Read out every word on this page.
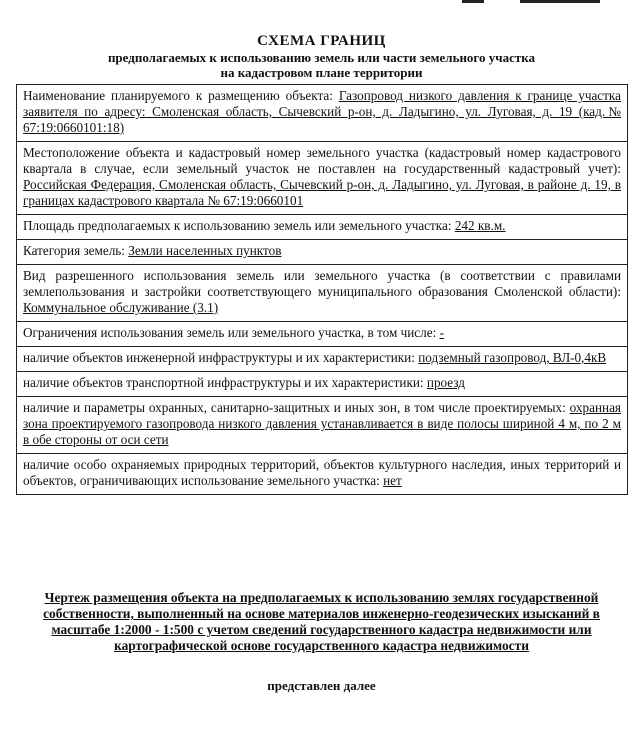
СХЕМА ГРАНИЦ
предполагаемых к использованию земель или части земельного участка
на кадастровом плане территории
Наименование планируемого к размещению объекта: Газопровод низкого давления к границе участка заявителя по адресу: Смоленская область, Сычевский р-он, д. Ладыгино, ул. Луговая, д. 19 (кад.№ 67:19:0660101:18)
Местоположение объекта и кадастровый номер земельного участка (кадастровый номер кадастрового квартала в случае, если земельный участок не поставлен на государственный кадастровый учет): Российская Федерация, Смоленская область, Сычевский р-он, д. Ладыгино, ул. Луговая, в районе д. 19, в границах кадастрового квартала № 67:19:0660101
Площадь предполагаемых к использованию земель или земельного участка: 242 кв.м.
Категория земель: Земли населенных пунктов
Вид разрешенного использования земель или земельного участка (в соответствии с правилами землепользования и застройки соответствующего муниципального образования Смоленской области): Коммунальное обслуживание (3.1)
Ограничения использования земель или земельного участка, в том числе: -
наличие объектов инженерной инфраструктуры и их характеристики: подземный газопровод, ВЛ-0,4кВ
наличие объектов транспортной инфраструктуры и их характеристики: проезд
наличие и параметры охранных, санитарно-защитных и иных зон, в том числе проектируемых: охранная зона проектируемого газопровода низкого давления устанавливается в виде полосы шириной 4 м, по 2 м в обе стороны от оси сети
наличие особо охраняемых природных территорий, объектов культурного наследия, иных территорий и объектов, ограничивающих использование земельного участка: нет
Чертеж размещения объекта на предполагаемых к использованию землях государственной собственности, выполненный на основе материалов инженерно-геодезических изысканий в масштабе 1:2000 - 1:500 с учетом сведений государственного кадастра недвижимости или картографической основе государственного кадастра недвижимости
представлен далее
